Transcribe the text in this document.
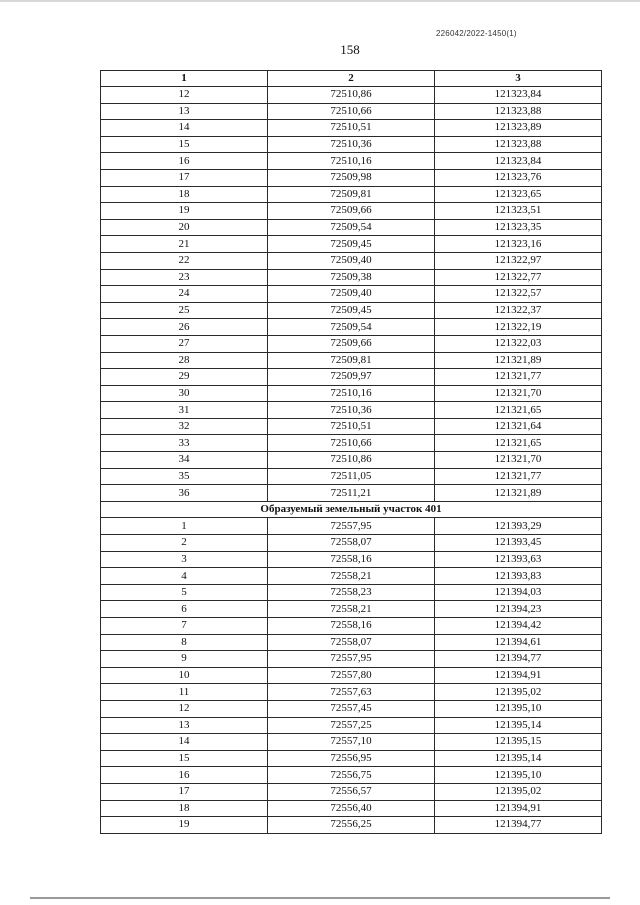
226042/2022-1450(1)
158
1	2	3
12	72510,86	121323,84
13	72510,66	121323,88
14	72510,51	121323,89
15	72510,36	121323,88
16	72510,16	121323,84
17	72509,98	121323,76
18	72509,81	121323,65
19	72509,66	121323,51
20	72509,54	121323,35
21	72509,45	121323,16
22	72509,40	121322,97
23	72509,38	121322,77
24	72509,40	121322,57
25	72509,45	121322,37
26	72509,54	121322,19
27	72509,66	121322,03
28	72509,81	121321,89
29	72509,97	121321,77
30	72510,16	121321,70
31	72510,36	121321,65
32	72510,51	121321,64
33	72510,66	121321,65
34	72510,86	121321,70
35	72511,05	121321,77
36	72511,21	121321,89
Образуемый земельный участок 401		
1	72557,95	121393,29
2	72558,07	121393,45
3	72558,16	121393,63
4	72558,21	121393,83
5	72558,23	121394,03
6	72558,21	121394,23
7	72558,16	121394,42
8	72558,07	121394,61
9	72557,95	121394,77
10	72557,80	121394,91
11	72557,63	121395,02
12	72557,45	121395,10
13	72557,25	121395,14
14	72557,10	121395,15
15	72556,95	121395,14
16	72556,75	121395,10
17	72556,57	121395,02
18	72556,40	121394,91
19	72556,25	121394,77
